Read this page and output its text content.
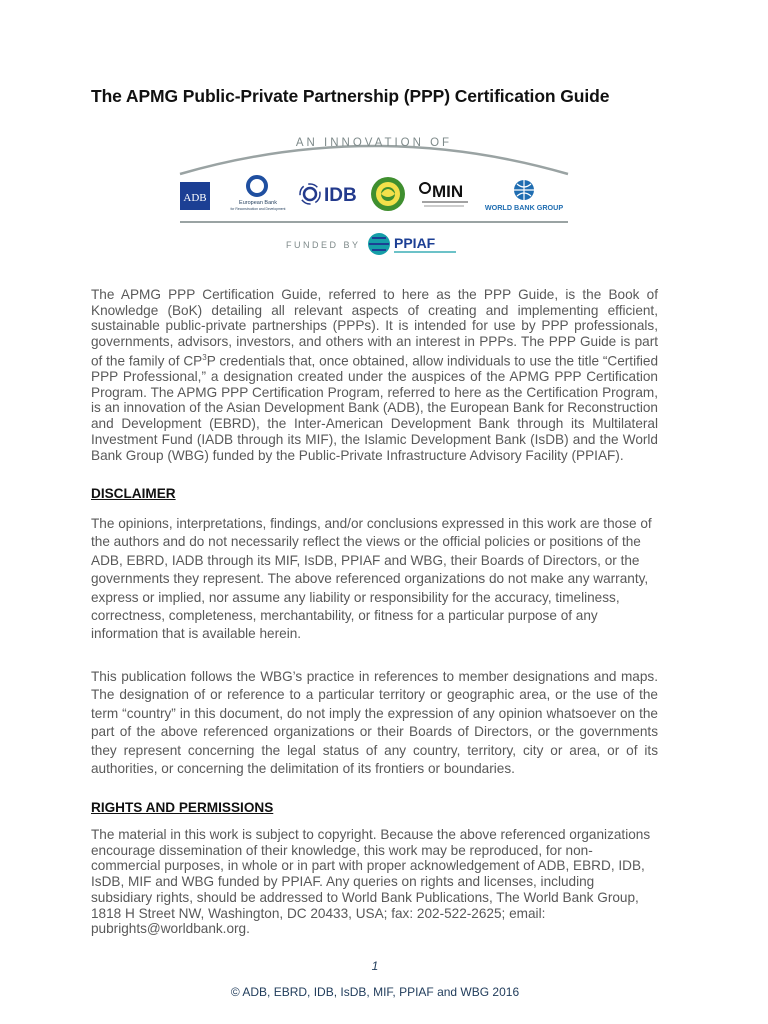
The APMG Public-Private Partnership (PPP) Certification Guide
AN INNOVATION OF
ADB	European Bank
for Reconstruction and Development
IDB	MIN
WORLD BANK GROUP
FUNDED BY PPIAF

The APMG PPP Certification Guide, referred to here as the PPP Guide, is the Book of Knowledge (BoK) detailing all relevant aspects of creating and implementing efficient, sustainable public-private partnerships (PPPs). It is intended for use by PPP professionals, governments, advisors, investors, and others with an interest in PPPs. The PPP Guide is part of the family of $CP^3P$ credentials that, once obtained, allow individuals to use the title “Certified PPP Professional,” a designation created under the auspices of the APMG PPP Certification Program. The APMG PPP Certification Program, referred to here as the Certification Program, is an innovation of the Asian Development Bank (ADB), the European Bank for Reconstruction and Development (EBRD), the Inter-American Development Bank through its Multilateral Investment Fund (IADB through its MIF), the Islamic Development Bank (IsDB) and the World Bank Group (WBG) funded by the Public-Private Infrastructure Advisory Facility (PPIAF).

DISCLAIMER

The opinions, interpretations, findings, and/or conclusions expressed in this work are those of the authors and do not necessarily reflect the views or the official policies or positions of the ADB, EBRD, IADB through its MIF, IsDB, PPIAF and WBG, their Boards of Directors, or the governments they represent. The above referenced organizations do not make any warranty, express or implied, nor assume any liability or responsibility for the accuracy, timeliness, correctness, completeness, merchantability, or fitness for a particular purpose of any information that is available herein.

This publication follows the WBG’s practice in references to member designations and maps. The designation of or reference to a particular territory or geographic area, or the use of the term “country” in this document, do not imply the expression of any opinion whatsoever on the part of the above referenced organizations or their Boards of Directors, or the governments they represent concerning the legal status of any country, territory, city or area, or of its authorities, or concerning the delimitation of its frontiers or boundaries.

RIGHTS AND PERMISSIONS

The material in this work is subject to copyright. Because the above referenced organizations encourage dissemination of their knowledge, this work may be reproduced, for non-commercial purposes, in whole or in part with proper acknowledgement of ADB, EBRD, IDB, IsDB, MIF and WBG funded by PPIAF. Any queries on rights and licenses, including subsidiary rights, should be addressed to World Bank Publications, The World Bank Group, 1818 H Street NW, Washington, DC 20433, USA; fax: 202-522-2625; email: pubrights@worldbank.org.

1
© ADB, EBRD, IDB, IsDB, MIF, PPIAF and WBG 2016
